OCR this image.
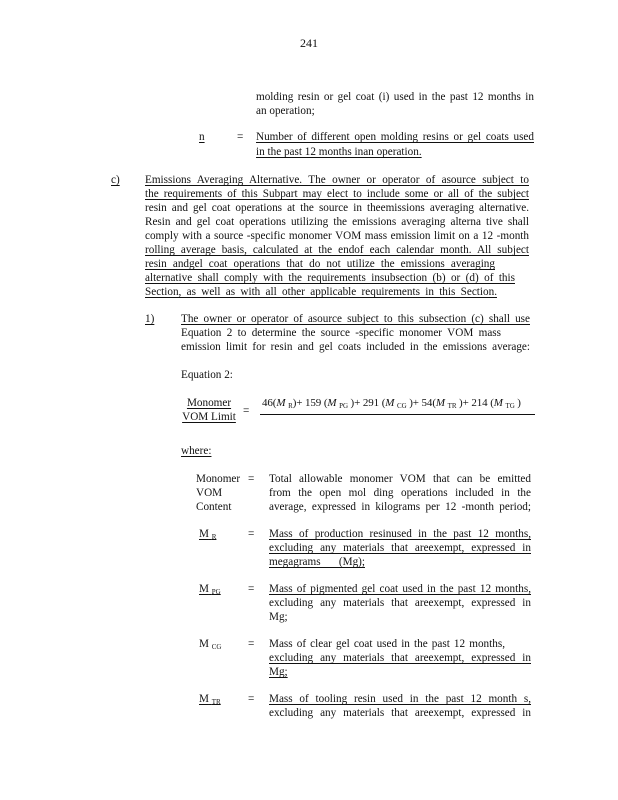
241
molding resin or gel coat (i) used in the past 12 months in
an operation;
n	= Number of different open molding resins or gel coats used
in the past 12 months inan operation.
c) Emissions Averaging Alternative. The owner or operator of asource subject to
the requirements of this Subpart may elect to include some or all of the subject
resin and gel coat operations at the source in theemissions averaging alternative.
Resin and gel coat operations utilizing the emissions averaging alterna tive shall
comply with a source -specific monomer VOM mass emission limit on a 12 -month
rolling average basis, calculated at the endof each calendar month. All subject
resin andgel coat operations that do not utilize the emissions averaging
alternative shall comply with the requirements insubsection (b) or (d) of this
Section, as well as with all other applicable requirements in this Section.
1) The owner or operator of asource subject to this subsection (c) shall use
Equation 2 to determine the source -specific monomer VOM mass
emission limit for resin and gel coats included in the emissions average:
Equation 2:
Monomer
VOM Limit =
46(M $_R$)+ 159 (M $_{PG}$ )+ 291 (M $_{CG}$ )+ 54(M $_{TR}$ )+ 214 (M $_{TG}$ )
where:
Monomer
VOM
Content
= Total allowable monomer VOM that can be emitted
from the open mol ding operations included in the
average, expressed in kilograms per 12 -month period;
M $_R$	= Mass of production resinused in the past 12 months,
excluding any materials that areexempt, expressed in
megagrams (Mg);
M $_{PG}$ = Mass of pigmented gel coat used in the past 12 months,
excluding any materials that areexempt, expressed in
Mg;
M $_{CG}$ = Mass of clear gel coat used in the past 12 months,
excluding any materials that areexempt, expressed in
Mg;
M $_{TR}$ = Mass of tooling resin used in the past 12 month s,
excluding any materials that areexempt, expressed in
